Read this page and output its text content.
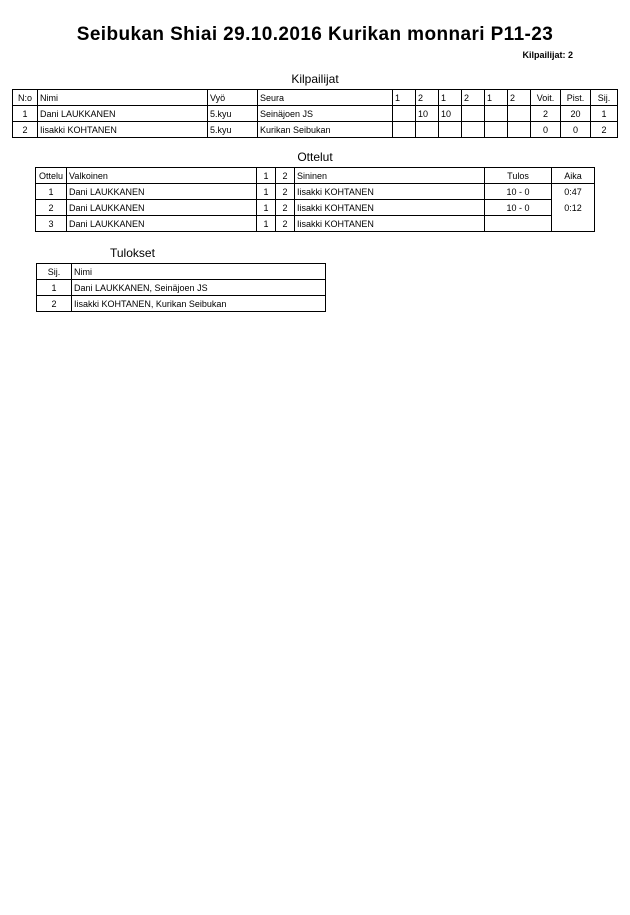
Seibukan Shiai 29.10.2016 Kurikan monnari P11-23
Kilpailijat: 2
Kilpailijat
N:o	Nimi	Vyö	Seura	1	2	1	2	1	2	Voit.	Pist.	Sij.
1	Dani LAUKKANEN	5.kyu	Seinäjoen JS		10	10				2	20	1
2	Iisakki KOHTANEN	5.kyu	Kurikan Seibukan							0	0	2
Ottelut
Ottelu	Valkoinen	1	2	Sininen	Tulos	Aika
1	Dani LAUKKANEN	1	2	Iisakki KOHTANEN	10 - 0	0:47
2	Dani LAUKKANEN	1	2	Iisakki KOHTANEN	10 - 0	0:12
3	Dani LAUKKANEN	1	2	Iisakki KOHTANEN		
Tulokset
Sij.	Nimi
1	Dani LAUKKANEN, Seinäjoen JS
2	Iisakki KOHTANEN, Kurikan Seibukan
